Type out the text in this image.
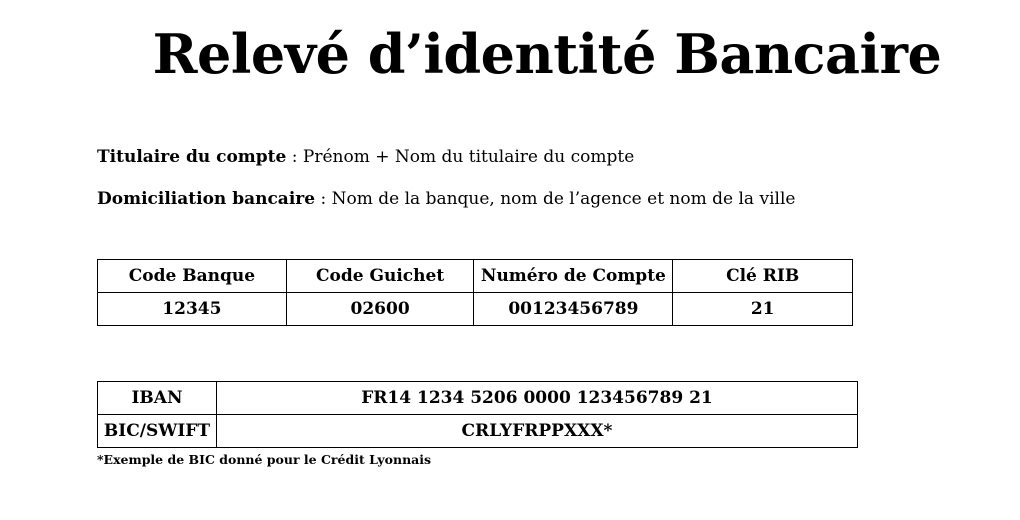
Relevé d’identité Bancaire
Titulaire du compte : Prénom + Nom du titulaire du compte
Domiciliation bancaire : Nom de la banque, nom de l’agence et nom de la ville
Code Banque	Code Guichet	Numéro de Compte	Clé RIB
12345	02600	00123456789	21
IBAN	FR14 1234 5206 0000 123456789 21
BIC/SWIFT	CRLYFRPPXXX*
*Exemple de BIC donné pour le Crédit Lyonnais
